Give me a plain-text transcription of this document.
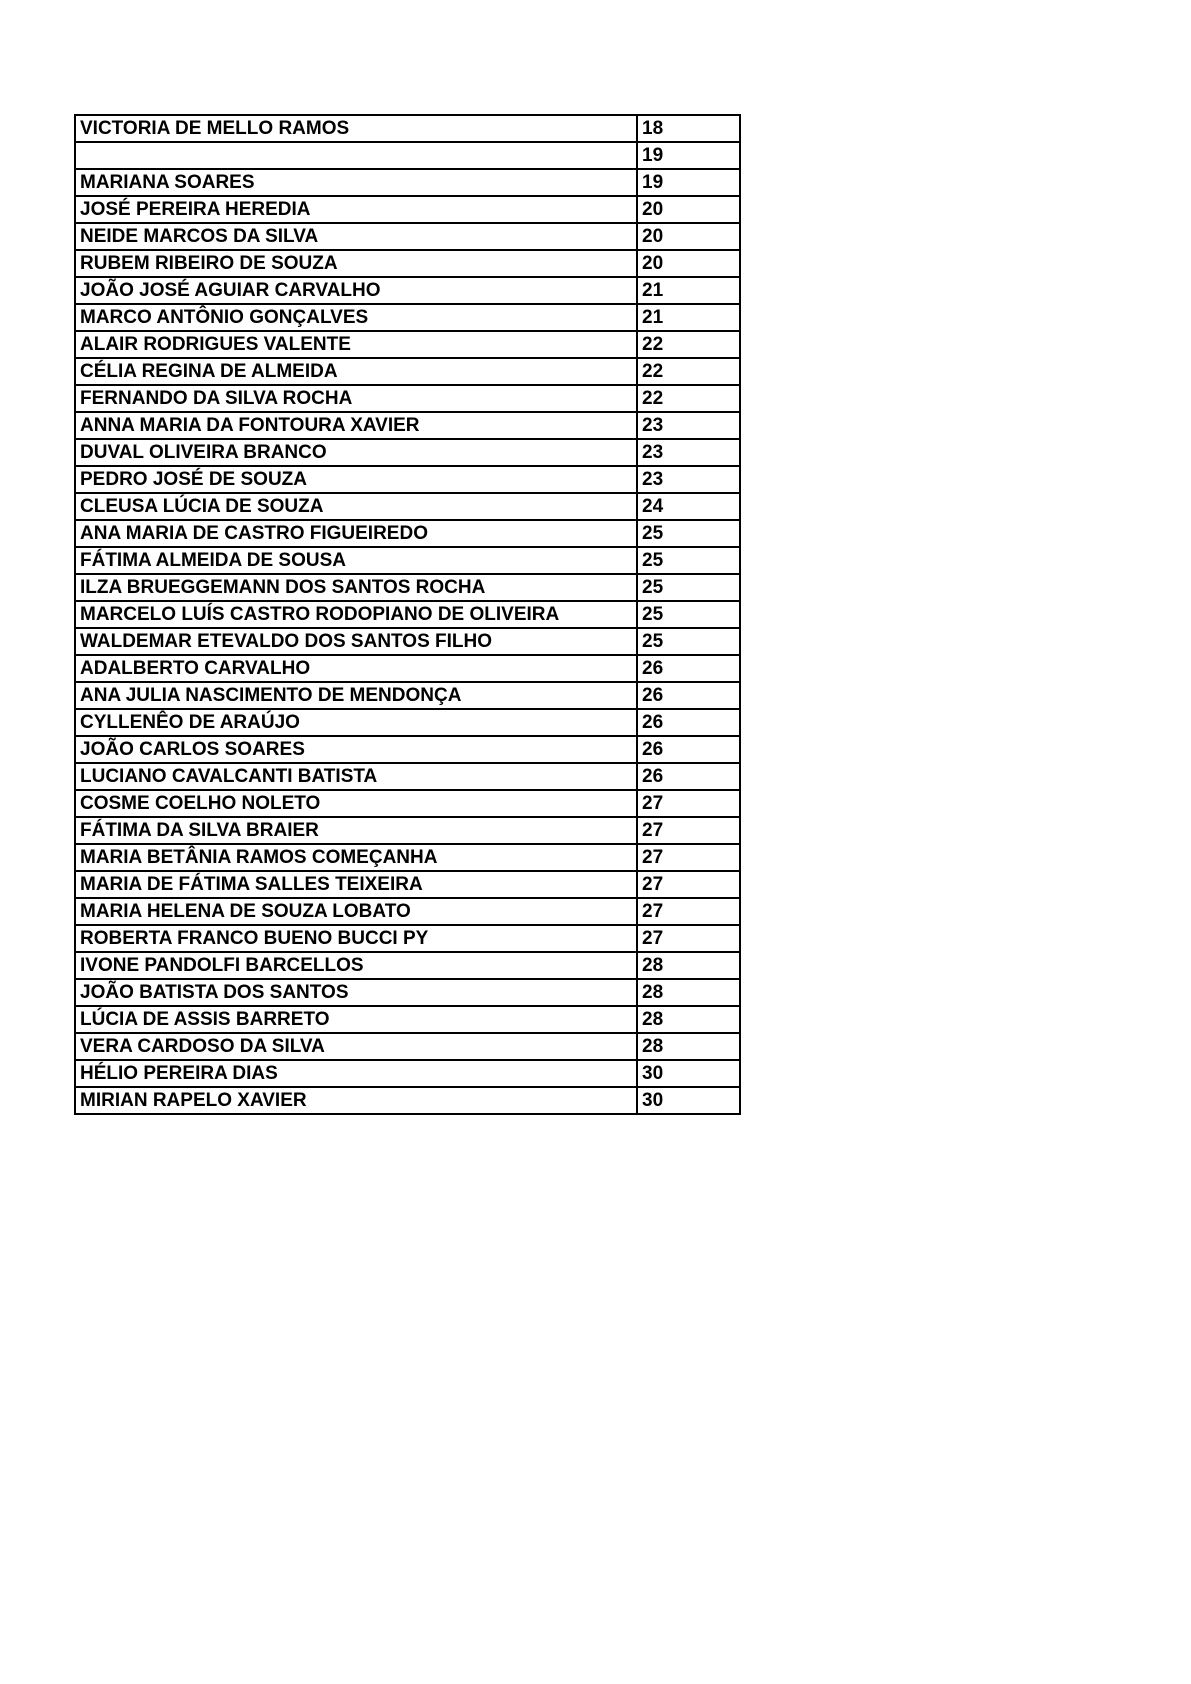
VICTORIA DE MELLO RAMOS	18
	19
MARIANA SOARES	19
JOSÉ PEREIRA HEREDIA	20
NEIDE MARCOS DA SILVA	20
RUBEM RIBEIRO DE SOUZA	20
JOÃO JOSÉ AGUIAR CARVALHO	21
MARCO ANTÔNIO GONÇALVES	21
ALAIR RODRIGUES VALENTE	22
CÉLIA REGINA DE ALMEIDA	22
FERNANDO DA SILVA ROCHA	22
ANNA MARIA DA FONTOURA XAVIER	23
DUVAL OLIVEIRA BRANCO	23
PEDRO JOSÉ DE SOUZA	23
CLEUSA LÚCIA DE SOUZA	24
ANA MARIA DE CASTRO FIGUEIREDO	25
FÁTIMA ALMEIDA DE SOUSA	25
ILZA BRUEGGEMANN DOS SANTOS ROCHA	25
MARCELO LUÍS CASTRO RODOPIANO DE OLIVEIRA	25
WALDEMAR ETEVALDO DOS SANTOS FILHO	25
ADALBERTO CARVALHO	26
ANA JULIA NASCIMENTO DE MENDONÇA	26
CYLLENÊO DE ARAÚJO	26
JOÃO CARLOS SOARES	26
LUCIANO CAVALCANTI BATISTA	26
COSME COELHO NOLETO	27
FÁTIMA DA SILVA BRAIER	27
MARIA BETÂNIA RAMOS COMEÇANHA	27
MARIA DE FÁTIMA SALLES TEIXEIRA	27
MARIA HELENA DE SOUZA LOBATO	27
ROBERTA FRANCO BUENO BUCCI PY	27
IVONE PANDOLFI BARCELLOS	28
JOÃO BATISTA DOS SANTOS	28
LÚCIA DE ASSIS BARRETO	28
VERA CARDOSO DA SILVA	28
HÉLIO PEREIRA DIAS	30
MIRIAN RAPELO XAVIER	30
